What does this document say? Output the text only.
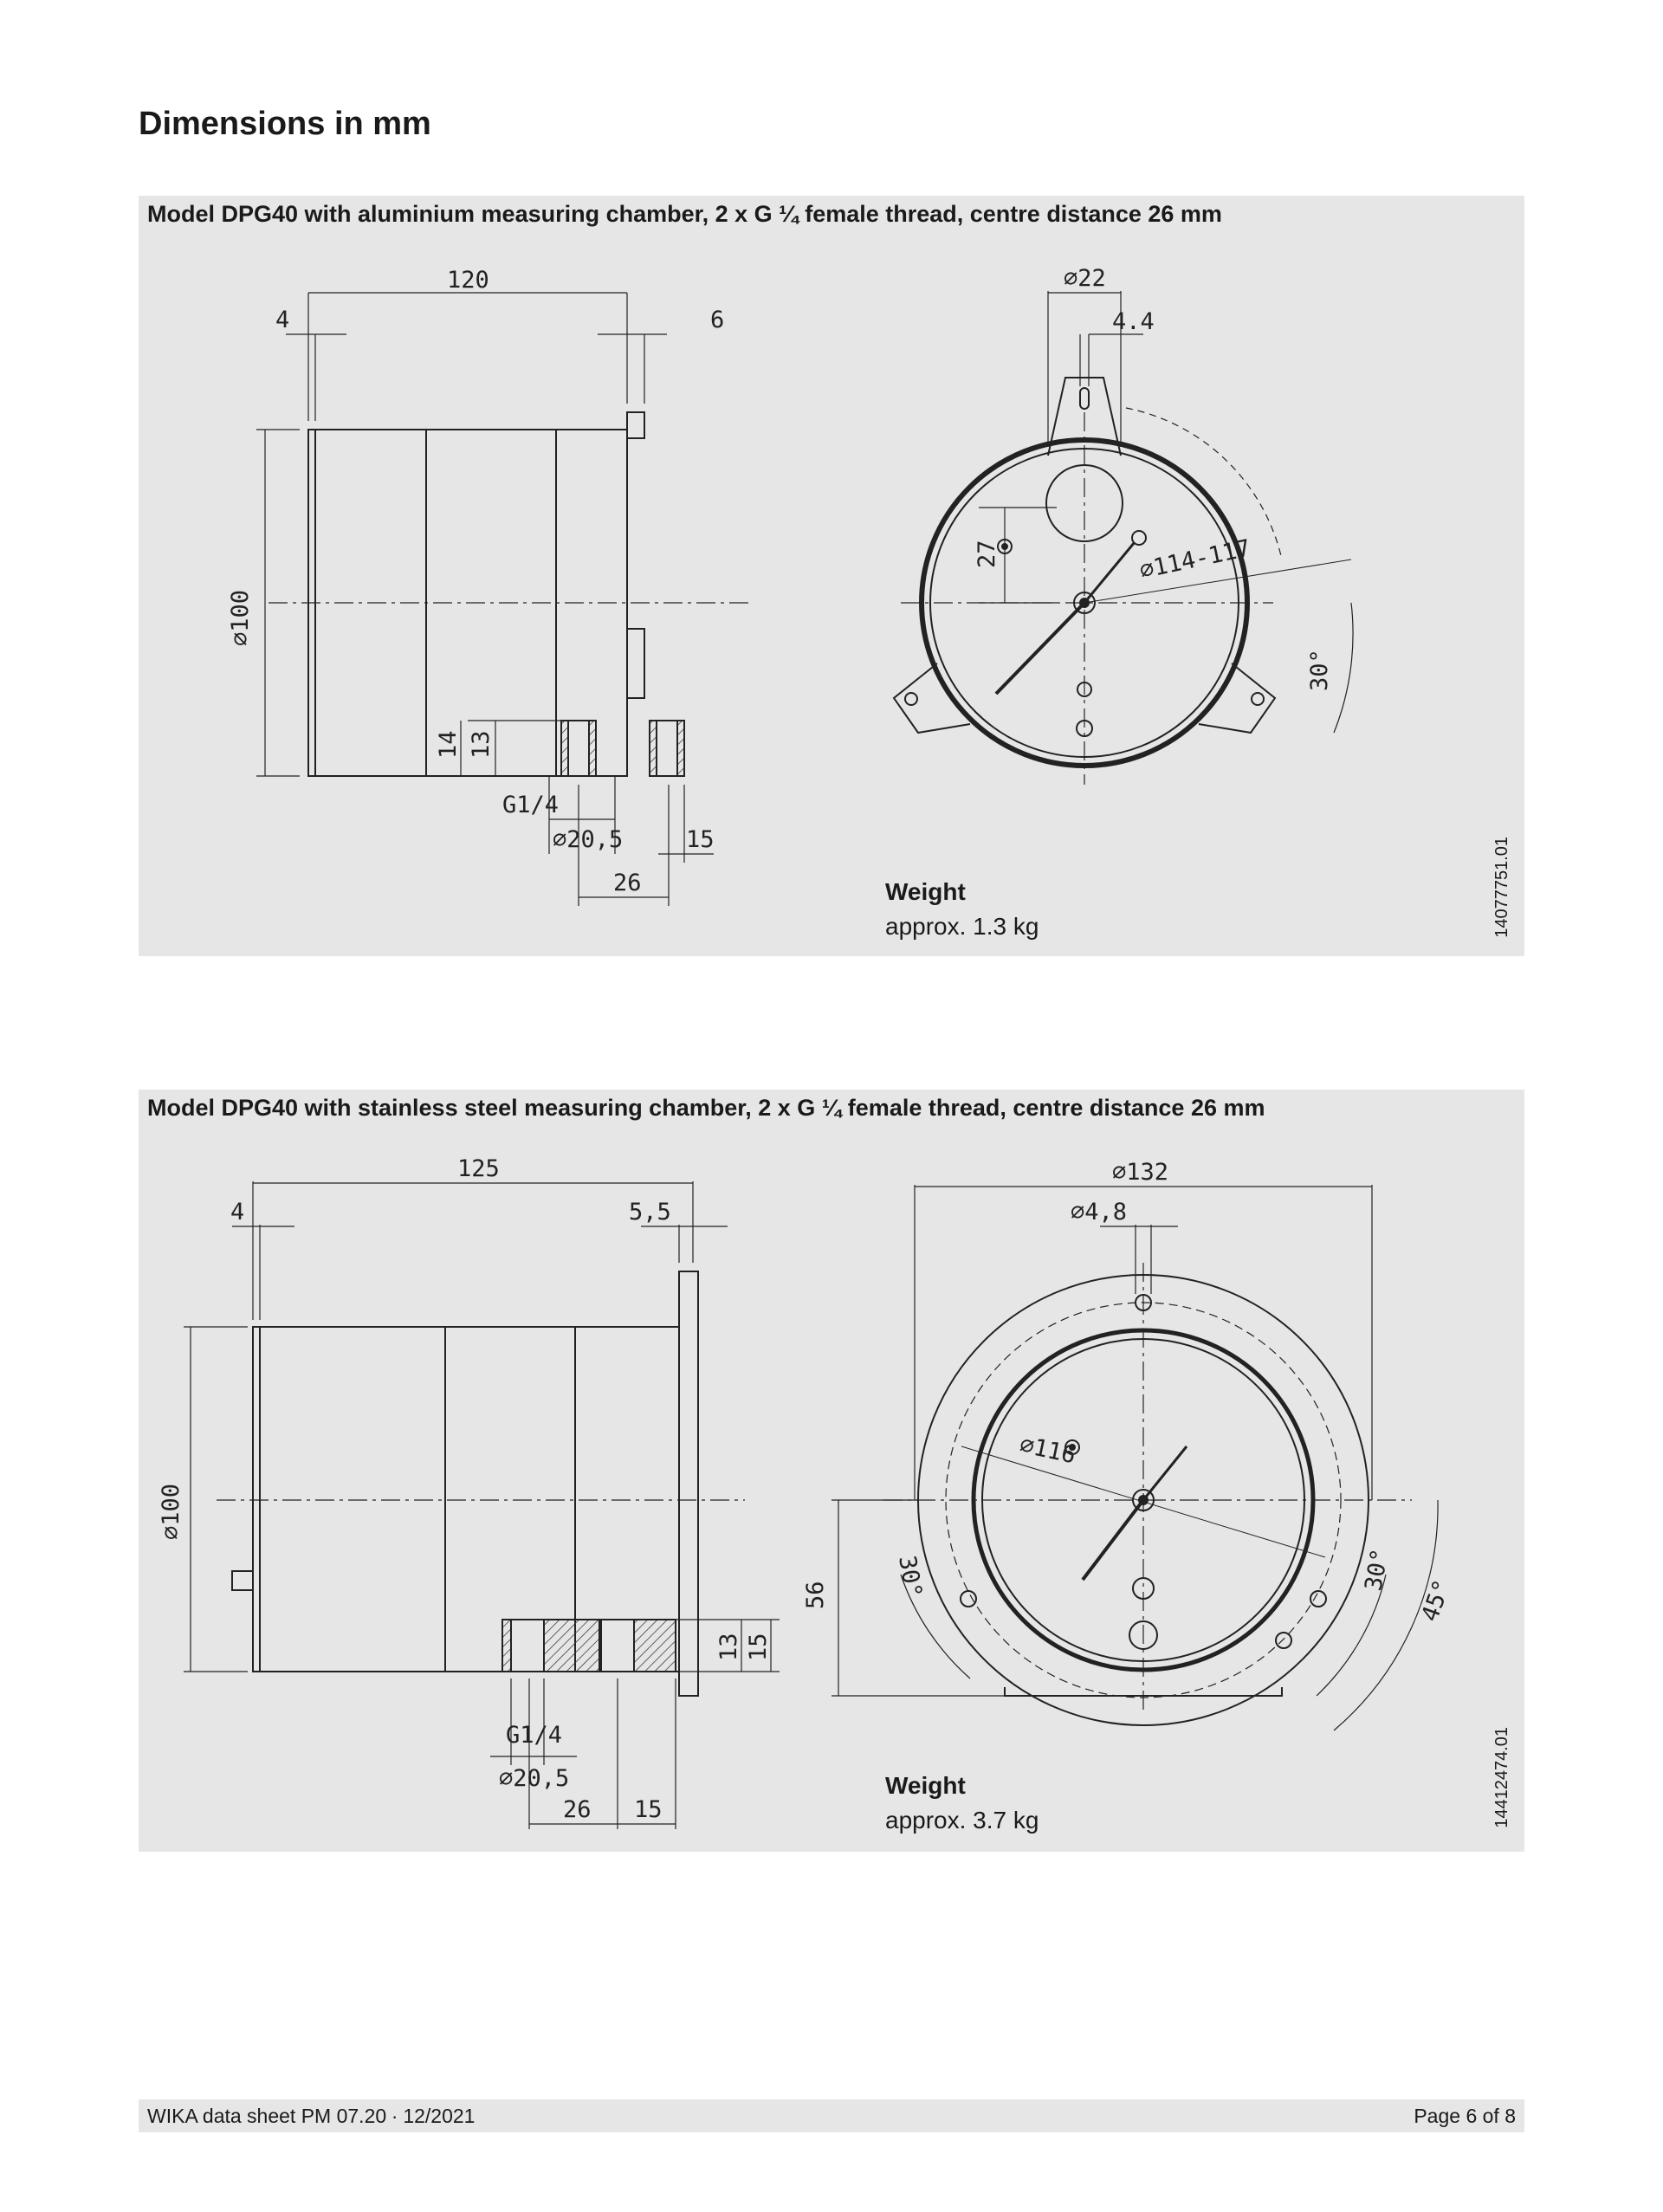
Dimensions in mm
Model DPG40 with aluminium measuring chamber, 2 x G ¼ female thread, centre distance 26 mm
120
4	6
⌀100
14 13
G1/4
⌀20,5	15
26
⌀22
4.4
27	⌀114-117
30°
Weight
approx. 1.3 kg	14077751.01
Model DPG40 with stainless steel measuring chamber, 2 x G ¼ female thread, centre distance 26 mm
125
4	5,5
⌀100
13 15
G1/4
⌀20,5
26 15
⌀132
⌀4,8
⌀116
56	30°	30°
45°
Weight
approx. 3.7 kg	14412474.01
WIKA data sheet PM 07.20 ∙ 12/2021	Page 6 of 8
